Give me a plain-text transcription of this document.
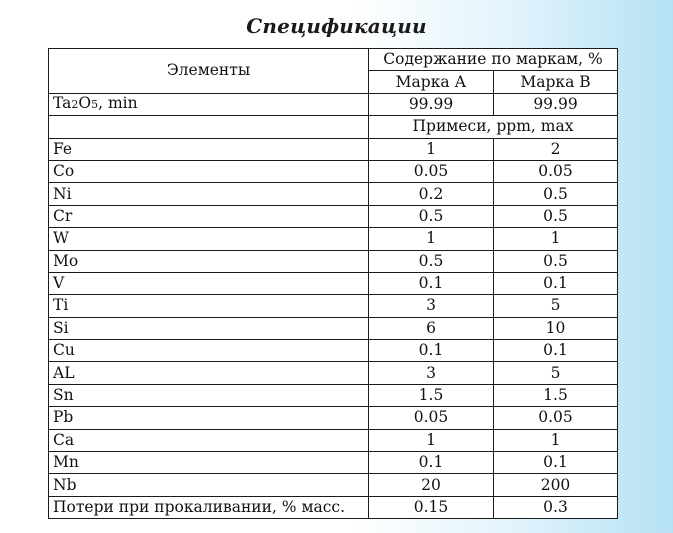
Спецификации
Элементы	Содержание по маркам, %	
	Марка А	Марка B
Ta2O5, min	99.99	99.99
	Примеси, ppm, max	
Fe	1	2
Co	0.05	0.05
Ni	0.2	0.5
Cr	0.5	0.5
W	1	1
Mo	0.5	0.5
V	0.1	0.1
Ti	3	5
Si	6	10
Cu	0.1	0.1
AL	3	5
Sn	1.5	1.5
Pb	0.05	0.05
Ca	1	1
Mn	0.1	0.1
Nb	20	200
Потери при прокаливании, % масс.	0.15	0.3
